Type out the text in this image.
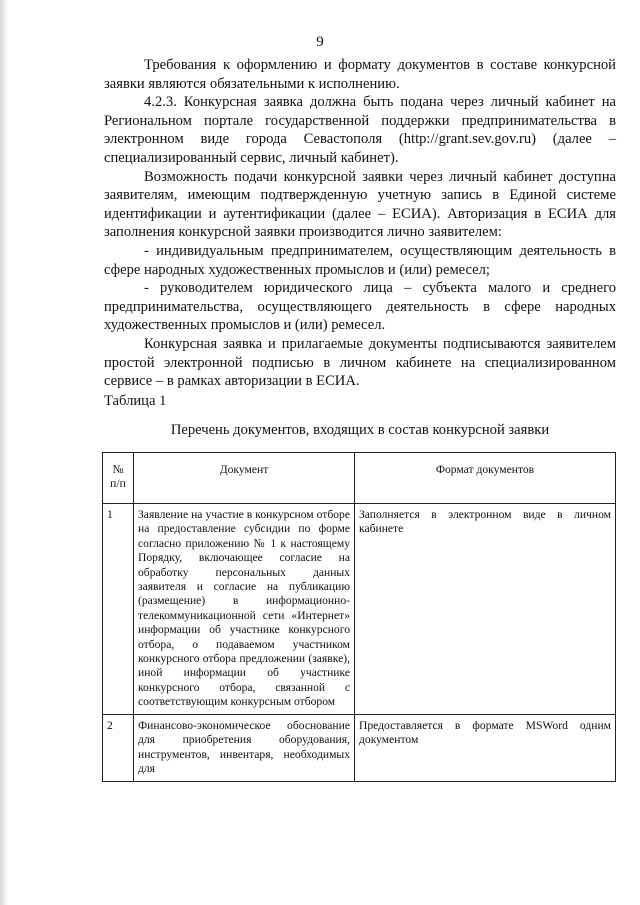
9

Требования к оформлению и формату документов в составе конкурсной заявки являются обязательными к исполнению.

4.2.3. Конкурсная заявка должна быть подана через личный кабинет на Региональном портале государственной поддержки предпринимательства в электронном виде города Севастополя (http://grant.sev.gov.ru) (далее – специализированный сервис, личный кабинет).

Возможность подачи конкурсной заявки через личный кабинет доступна заявителям, имеющим подтвержденную учетную запись в Единой системе идентификации и аутентификации (далее – ЕСИА). Авторизация в ЕСИА для заполнения конкурсной заявки производится лично заявителем:

- индивидуальным предпринимателем, осуществляющим деятельность в сфере народных художественных промыслов и (или) ремесел;

- руководителем юридического лица – субъекта малого и среднего предпринимательства, осуществляющего деятельность в сфере народных художественных промыслов и (или) ремесел.

Конкурсная заявка и прилагаемые документы подписываются заявителем простой электронной подписью в личном кабинете на специализированном сервисе – в рамках авторизации в ЕСИА.

Таблица 1
Перечень документов, входящих в состав конкурсной заявки
№ п/п	Документ	Формат документов
1	Заявление на участие в конкурсном отборе на предоставление субсидии по форме согласно приложению № 1 к настоящему Порядку, включающее согласие на обработку персональных данных заявителя и согласие на публикацию (размещение) в информационно-телекоммуникационной сети «Интернет» информации об участнике конкурсного отбора, о подаваемом участником конкурсного отбора предложении (заявке), иной информации об участнике конкурсного отбора, связанной с соответствующим конкурсным отбором	Заполняется в электронном виде в личном кабинете
2	Финансово-экономическое обоснование для приобретения оборудования, инструментов, инвентаря, необходимых для	Предоставляется в формате MSWord одним документом
